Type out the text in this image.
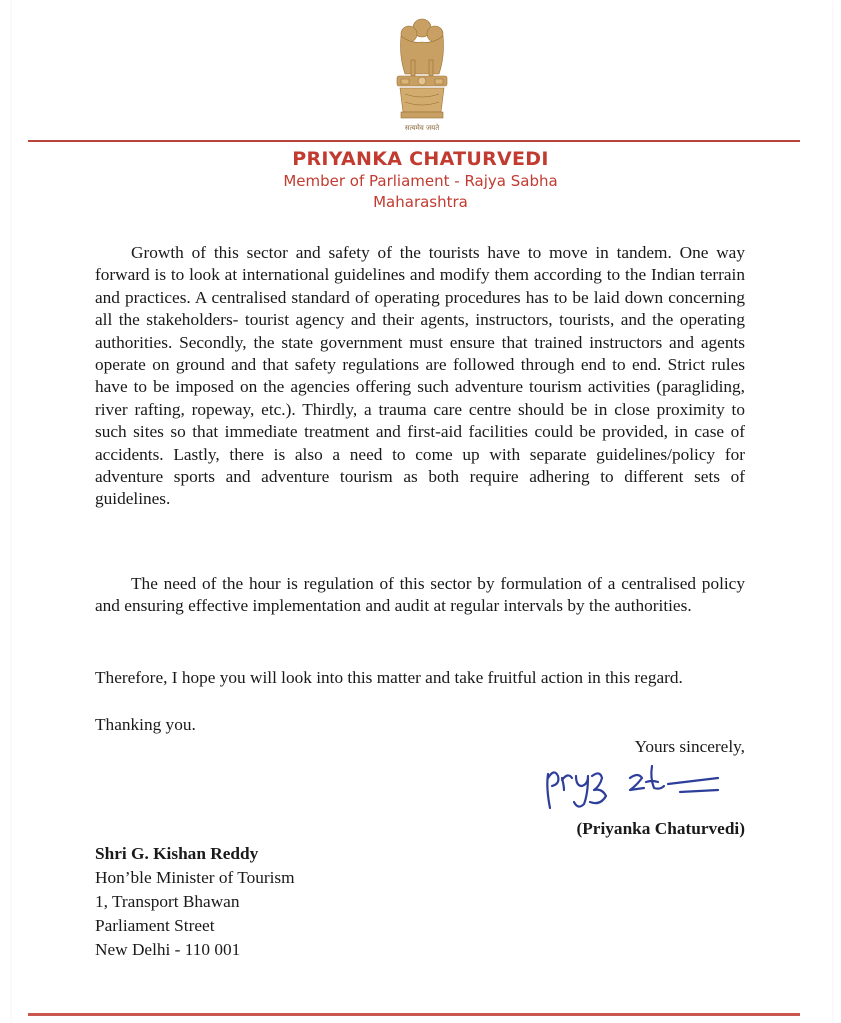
सत्यमेव जयते
PRIYANKA CHATURVEDI
Member of Parliament - Rajya Sabha
Maharashtra

Growth of this sector and safety of the tourists have to move in tandem. One way forward is to look at international guidelines and modify them according to the Indian terrain and practices. A centralised standard of operating procedures has to be laid down concerning all the stakeholders- tourist agency and their agents, instructors, tourists, and the operating authorities. Secondly, the state government must ensure that trained instructors and agents operate on ground and that safety regulations are followed through end to end. Strict rules have to be imposed on the agencies offering such adventure tourism activities (paragliding, river rafting, ropeway, etc.). Thirdly, a trauma care centre should be in close proximity to such sites so that immediate treatment and first-aid facilities could be provided, in case of accidents. Lastly, there is also a need to come up with separate guidelines/policy for adventure sports and adventure tourism as both require adhering to different sets of guidelines.

The need of the hour is regulation of this sector by formulation of a centralised policy and ensuring effective implementation and audit at regular intervals by the authorities.

Therefore, I hope you will look into this matter and take fruitful action in this regard.

Thanking you.

Yours sincerely,
(Priyanka Chaturvedi)
Shri G. Kishan Reddy
Hon’ble Minister of Tourism
1, Transport Bhawan
Parliament Street
New Delhi - 110 001
